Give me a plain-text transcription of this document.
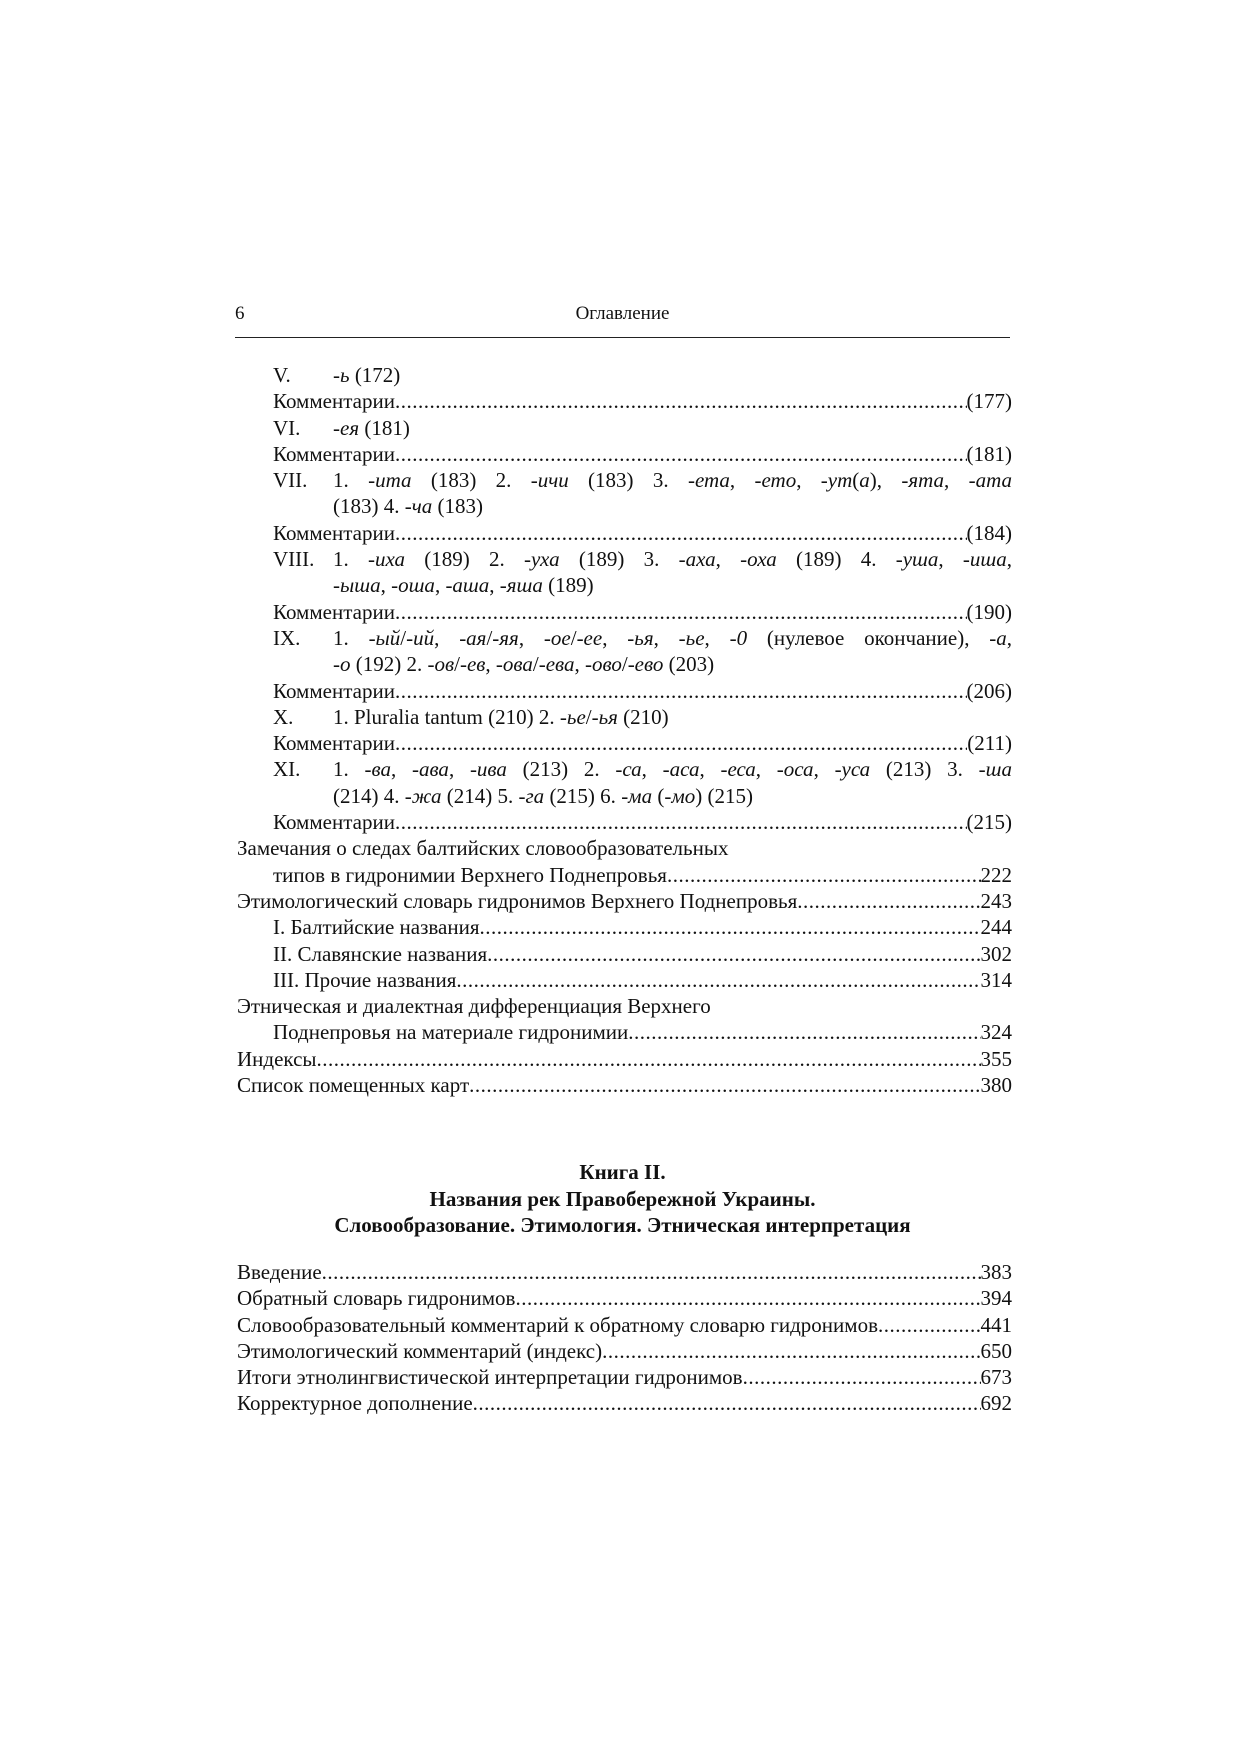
6	Оглавление
V. -ь (172)
Комментарии .....	(177)
VI. -ея (181)
Комментарии .....	(181)
VII.	1. -ита (183) 2. -ичи (183) 3. -ета, -ето, -ут(а), -ята, -ата
(183) 4. -ча (183)
Комментарии .....	(184)
VIII. 1. -иха (189) 2. -уха (189) 3. -аха, -оха (189) 4. -уша, -иша,
-ыша, -оша, -аша, -яша (189)
Комментарии .....	(190)
IX.	1. -ый/-ий, -ая/-яя, -ое/-ее, -ья, -ье, -0 (нулевое окончание), -а,
-о (192) 2. -ов/-ев, -ова/-ева, -ово/-ево (203)
Комментарии .....	(206)
X.	1. Pluralia tantum (210) 2. -ье/-ья (210)
Комментарии .....	(211)
XI.	1. -ва, -ава, -ива (213) 2. -са, -аса, -еса, -оса, -уса (213) 3. -ша
(214) 4. -жа (214) 5. -га (215) 6. -ма (-мо) (215)
Комментарии .....	(215)
Замечания о следах балтийских словообразовательных
типов в гидронимии Верхнего Поднепровья .....	222
Этимологический словарь гидронимов Верхнего Поднепровья .....	243
I. Балтийские названия .....	244
II. Славянские названия .....	302
III. Прочие названия .....	314
Этническая и диалектная дифференциация Верхнего
Поднепровья на материале гидронимии .....	324
Индексы .....	355
Список помещенных карт .....	380
Книга II.
Названия рек Правобережной Украины.
Словообразование. Этимология. Этническая интерпретация
Введение .....	383
Обратный словарь гидронимов .....	394
Словообразовательный комментарий к обратному словарю гидронимов .....	441
Этимологический комментарий (индекс) .....	650
Итоги этнолингвистической интерпретации гидронимов .....	673
Корректурное дополнение .....	692
